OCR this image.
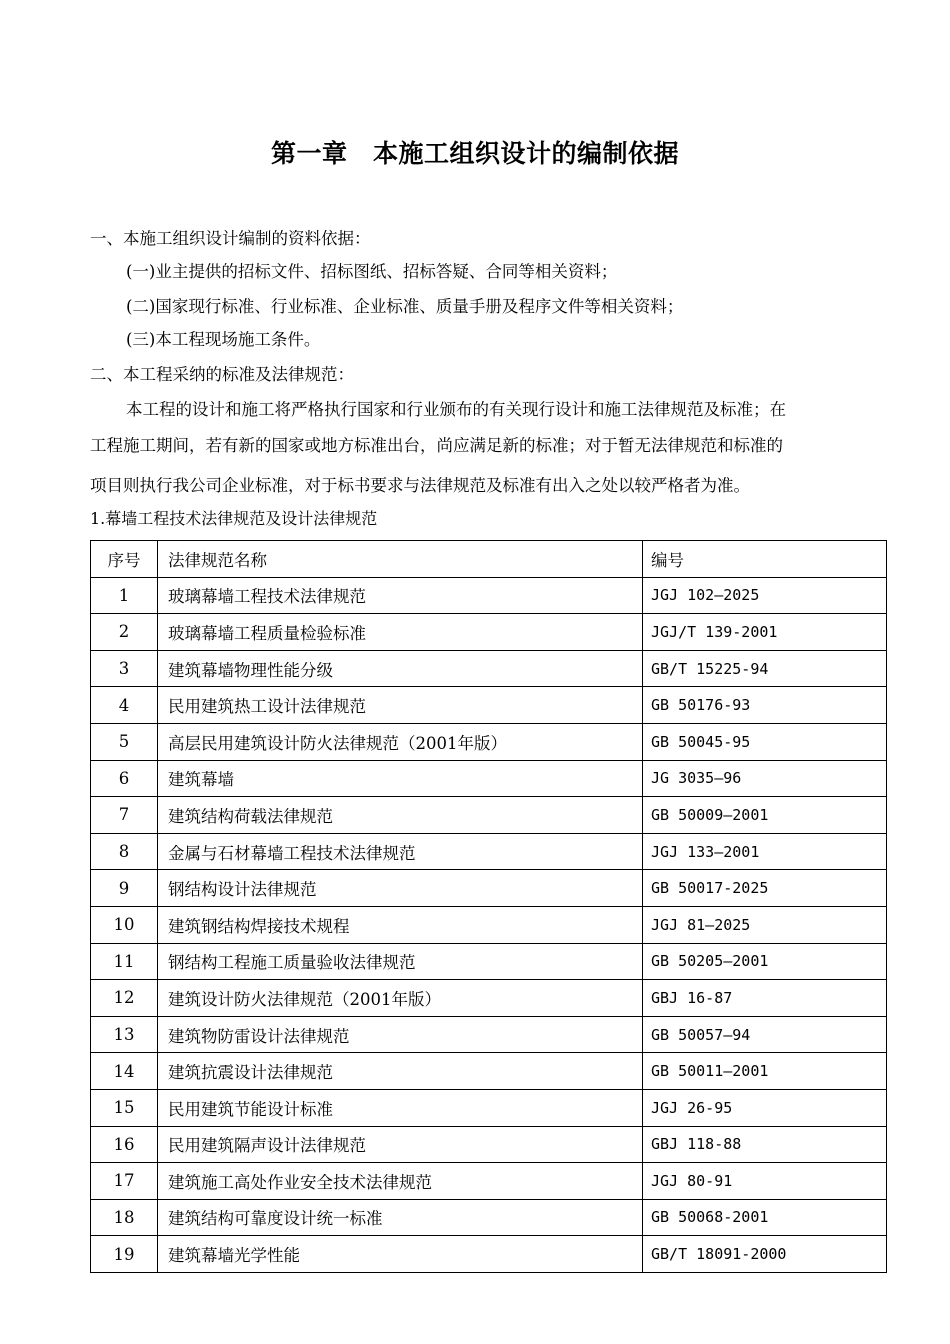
第一章　本施工组织设计的编制依据
一、本施工组织设计编制的资料依据：
(一)业主提供的招标文件、招标图纸、招标答疑、合同等相关资料；
(二)国家现行标准、行业标准、企业标准、质量手册及程序文件等相关资料；
(三)本工程现场施工条件。
二、本工程采纳的标准及法律规范：
本工程的设计和施工将严格执行国家和行业颁布的有关现行设计和施工法律规范及标准；在
工程施工期间，若有新的国家或地方标准出台，尚应满足新的标准；对于暂无法律规范和标准的
项目则执行我公司企业标准，对于标书要求与法律规范及标准有出入之处以较严格者为准。
1.幕墙工程技术法律规范及设计法律规范
序号	法律规范名称	编号
1	玻璃幕墙工程技术法律规范	JGJ 102—2025
2	玻璃幕墙工程质量检验标准	JGJ/T 139-2001
3	建筑幕墙物理性能分级	GB/T 15225-94
4	民用建筑热工设计法律规范	GB 50176-93
5	高层民用建筑设计防火法律规范（2001年版）	GB 50045-95
6	建筑幕墙	JG 3035—96
7	建筑结构荷载法律规范	GB 50009—2001
8	金属与石材幕墙工程技术法律规范	JGJ 133—2001
9	钢结构设计法律规范	GB 50017-2025
10	建筑钢结构焊接技术规程	JGJ 81—2025
11	钢结构工程施工质量验收法律规范	GB 50205—2001
12	建筑设计防火法律规范（2001年版）	GBJ 16-87
13	建筑物防雷设计法律规范	GB 50057—94
14	建筑抗震设计法律规范	GB 50011—2001
15	民用建筑节能设计标准	JGJ 26-95
16	民用建筑隔声设计法律规范	GBJ 118-88
17	建筑施工高处作业安全技术法律规范	JGJ 80-91
18	建筑结构可靠度设计统一标准	GB 50068-2001
19	建筑幕墙光学性能	GB/T 18091-2000
